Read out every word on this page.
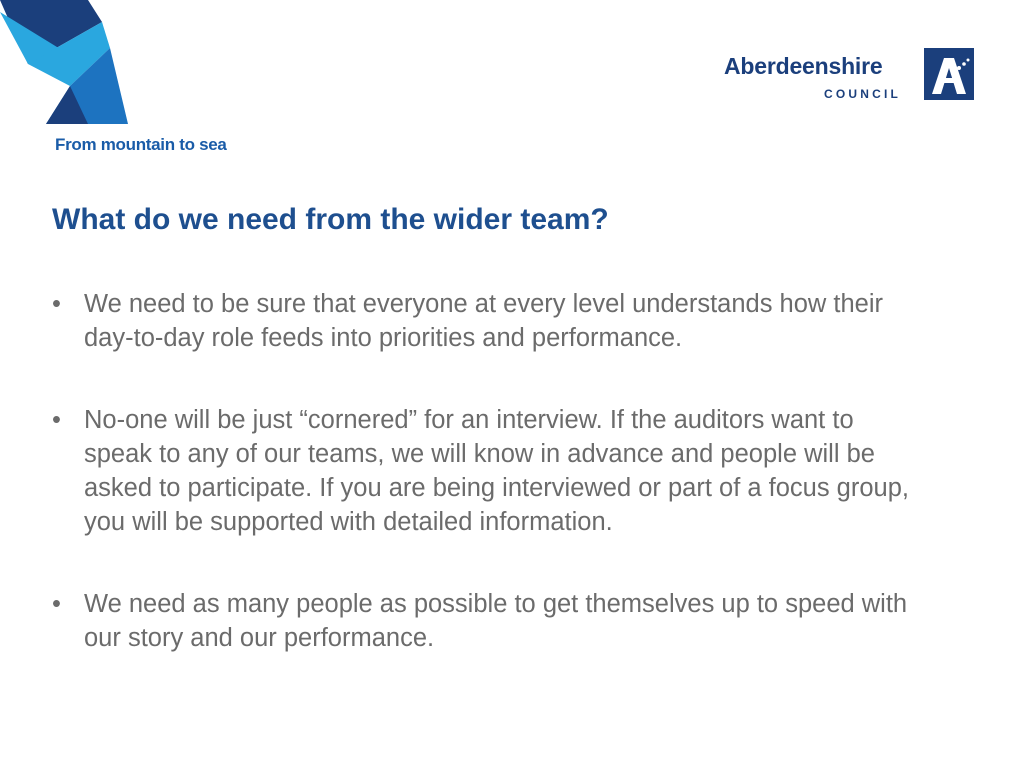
From mountain to sea
Aberdeenshire
COUNCIL
What do we need from the wider team?
• We need to be sure that everyone at every level understands how their day-to-day role feeds into priorities and performance.
• No-one will be just “cornered” for an interview. If the auditors want to speak to any of our teams, we will know in advance and people will be asked to participate. If you are being interviewed or part of a focus group, you will be supported with detailed information.
• We need as many people as possible to get themselves up to speed with our story and our performance.
